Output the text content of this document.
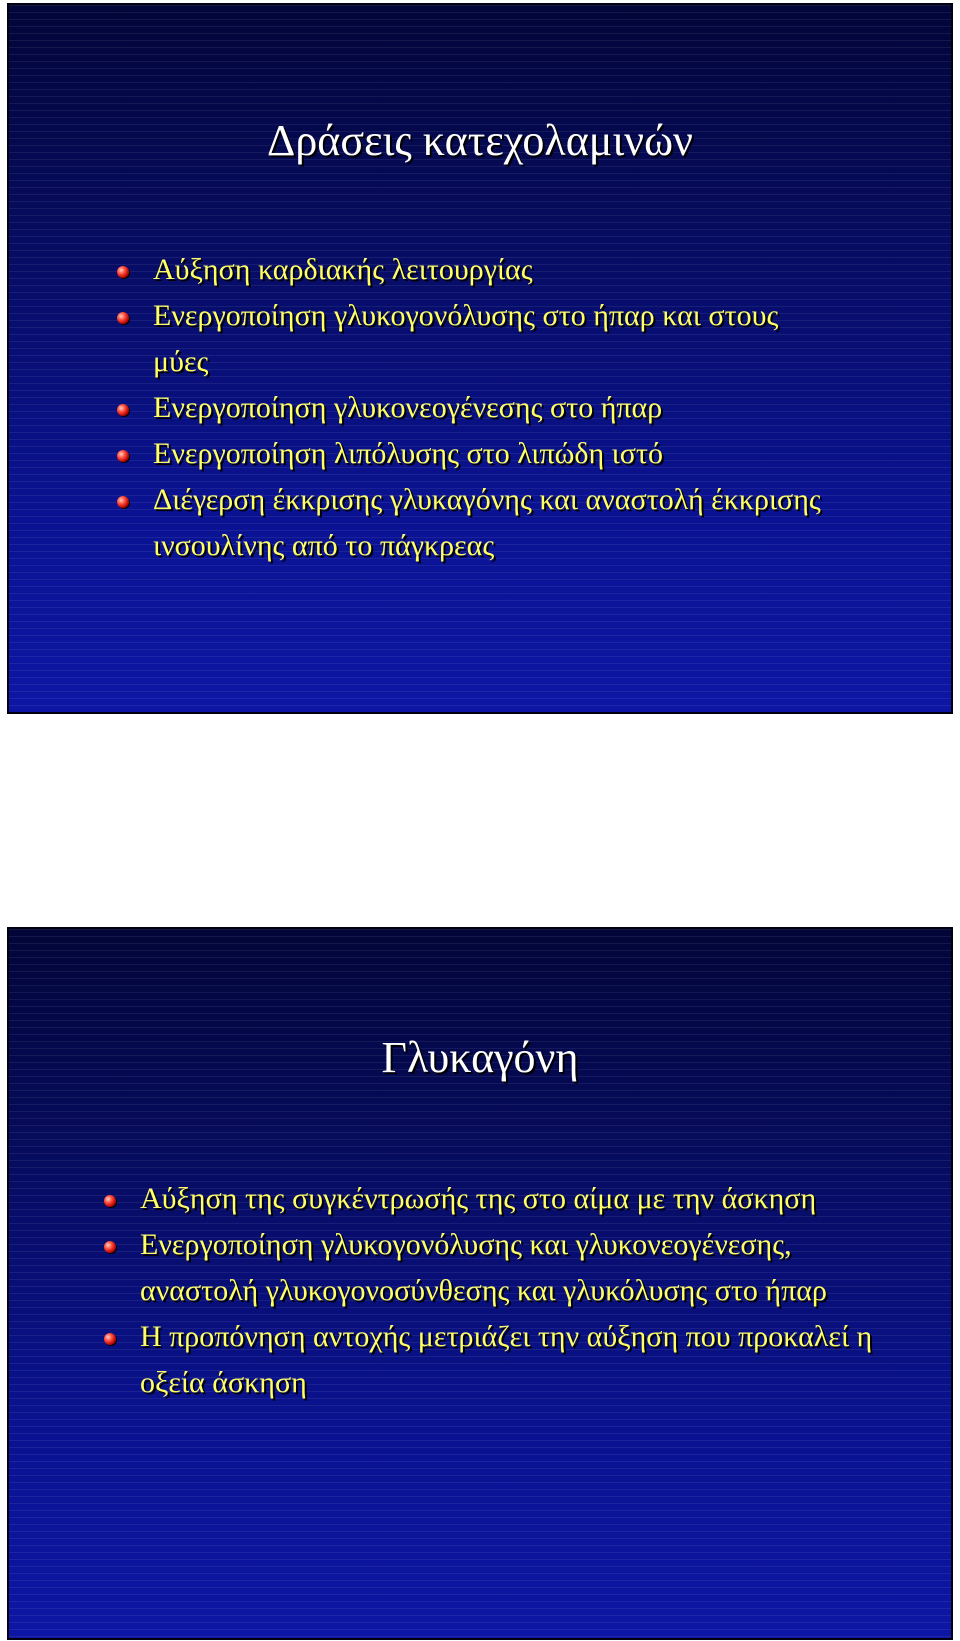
Δράσεις κατεχολαμινών
Αύξηση καρδιακής λειτουργίας
Ενεργοποίηση γλυκογονόλυσης στο ήπαρ και στους μύες
Ενεργοποίηση γλυκονεογένεσης στο ήπαρ
Ενεργοποίηση λιπόλυσης στο λιπώδη ιστό
Διέγερση έκκρισης γλυκαγόνης και αναστολή έκκρισης ινσουλίνης από το πάγκρεας
Γλυκαγόνη
Αύξηση της συγκέντρωσής της στο αίμα με την άσκηση
Ενεργοποίηση γλυκογονόλυσης και γλυκονεογένεσης, αναστολή γλυκογονοσύνθεσης και γλυκόλυσης στο ήπαρ
Η προπόνηση αντοχής μετριάζει την αύξηση που προκαλεί η οξεία άσκηση
